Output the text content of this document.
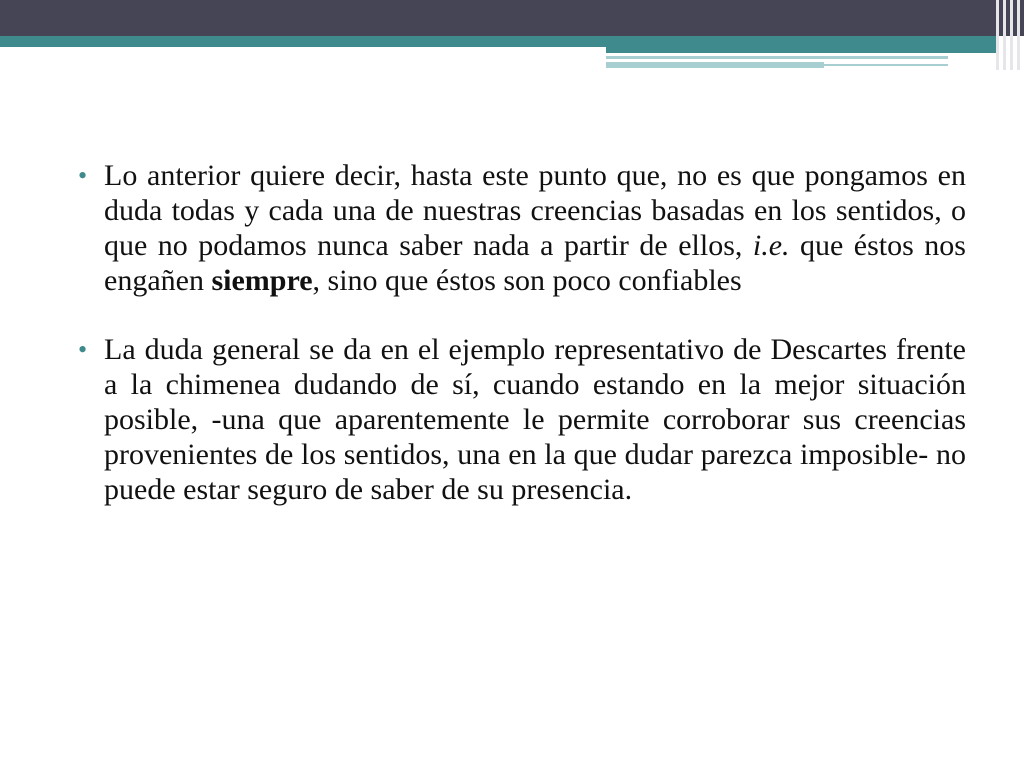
• Lo anterior quiere decir, hasta este punto que, no es que pongamos en duda todas y cada una de nuestras creencias basadas en los sentidos, o que no podamos nunca saber nada a partir de ellos, i.e. que éstos nos engañen siempre, sino que éstos son poco confiables

• La duda general se da en el ejemplo representativo de Descartes frente a la chimenea dudando de sí, cuando estando en la mejor situación posible, -una que aparentemente le permite corroborar sus creencias provenientes de los sentidos, una en la que dudar parezca imposible- no puede estar seguro de saber de su presencia.
